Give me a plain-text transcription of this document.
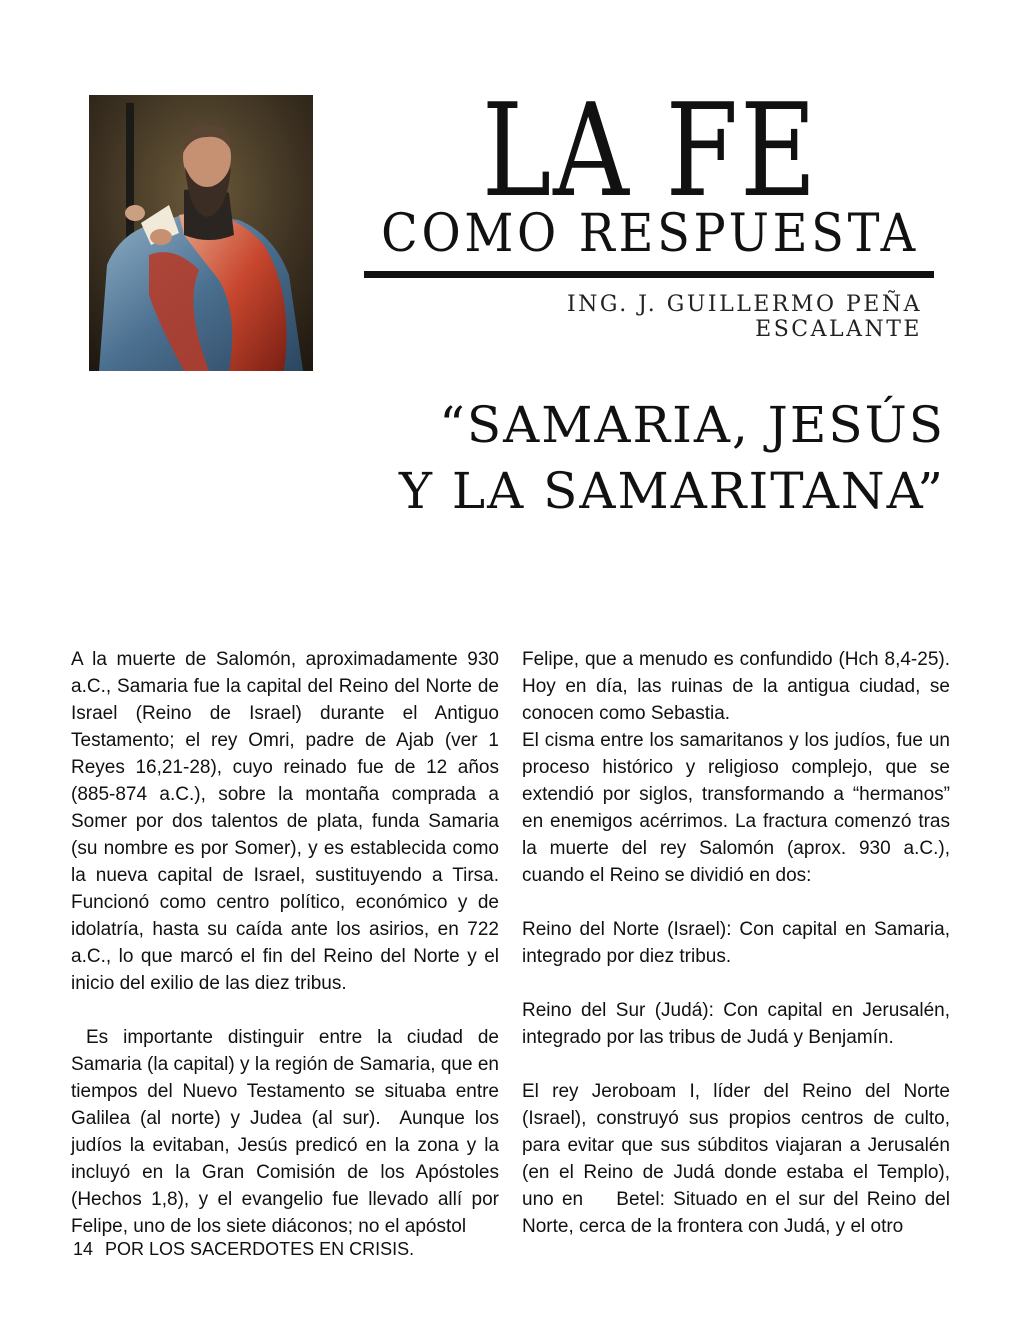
LA FE
COMO RESPUESTA
ING. J. GUILLERMO PEÑA ESCALANTE
“SAMARIA, JESÚS
Y LA SAMARITANA”

A la muerte de Salomón, aproximadamente 930 a.C., Samaria fue la capital del Reino del Norte de Israel (Reino de Israel) durante el Antiguo Testamento; el rey Omri, padre de Ajab (ver 1 Reyes 16,21-28), cuyo reinado fue de 12 años (885-874 a.C.), sobre la montaña comprada a Somer por dos talentos de plata, funda Samaria (su nombre es por Somer), y es establecida como la nueva capital de Israel, sustituyendo a Tirsa. Funcionó como centro político, económico y de idolatría, hasta su caída ante los asirios, en 722 a.C., lo que marcó el fin del Reino del Norte y el inicio del exilio de las diez tribus.

Es importante distinguir entre la ciudad de Samaria (la capital) y la región de Samaria, que en tiempos del Nuevo Testamento se situaba entre Galilea (al norte) y Judea (al sur).  Aunque los judíos la evitaban, Jesús predicó en la zona y la incluyó en la Gran Comisión de los Apóstoles (Hechos 1,8), y el evangelio fue llevado allí por Felipe, uno de los siete diáconos; no el apóstol

Felipe, que a menudo es confundido (Hch 8,4-25). Hoy en día, las ruinas de la antigua ciudad, se conocen como Sebastia.

El cisma entre los samaritanos y los judíos, fue un proceso histórico y religioso complejo, que se extendió por siglos, transformando a “hermanos” en enemigos acérrimos. La fractura comenzó tras la muerte del rey Salomón (aprox. 930 a.C.), cuando el Reino se dividió en dos:

Reino del Norte (Israel): Con capital en Samaria, integrado por diez tribus.

Reino del Sur (Judá): Con capital en Jerusalén, integrado por las tribus de Judá y Benjamín.

El rey Jeroboam I, líder del Reino del Norte (Israel), construyó sus propios centros de culto, para evitar que sus súbditos viajaran a Jerusalén (en el Reino de Judá donde estaba el Templo), uno en    Betel: Situado en el sur del Reino del Norte, cerca de la frontera con Judá, y el otro

14 POR LOS SACERDOTES EN CRISIS.
